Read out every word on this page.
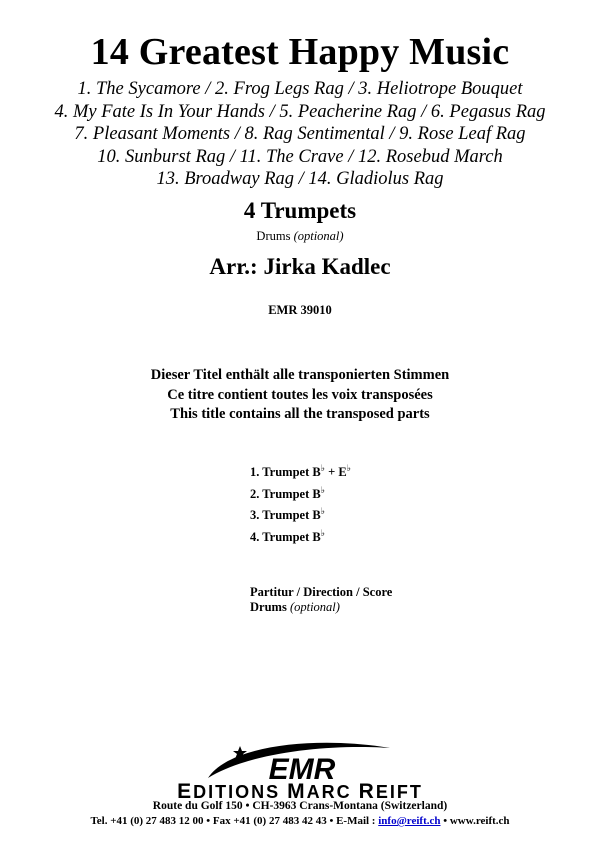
14 Greatest Happy Music
1. The Sycamore / 2. Frog Legs Rag / 3. Heliotrope Bouquet
4. My Fate Is In Your Hands / 5. Peacherine Rag / 6. Pegasus Rag
7. Pleasant Moments / 8. Rag Sentimental / 9. Rose Leaf Rag
10. Sunburst Rag / 11. The Crave / 12. Rosebud March
13. Broadway Rag / 14. Gladiolus Rag
4 Trumpets
Drums (optional)
Arr.: Jirka Kadlec
EMR 39010
Dieser Titel enthält alle transponierten Stimmen
Ce titre contient toutes les voix transposées
This title contains all the transposed parts
1. Trumpet B♭ + E♭
2. Trumpet B♭
3. Trumpet B♭
4. Trumpet B♭
Partitur / Direction / Score
Drums (optional)
EMR
EDITIONS MARC REIFT
Route du Golf 150 • CH-3963 Crans-Montana (Switzerland)
Tel. +41 (0) 27 483 12 00 • Fax +41 (0) 27 483 42 43 • E-Mail : info@reift.ch • www.reift.ch
